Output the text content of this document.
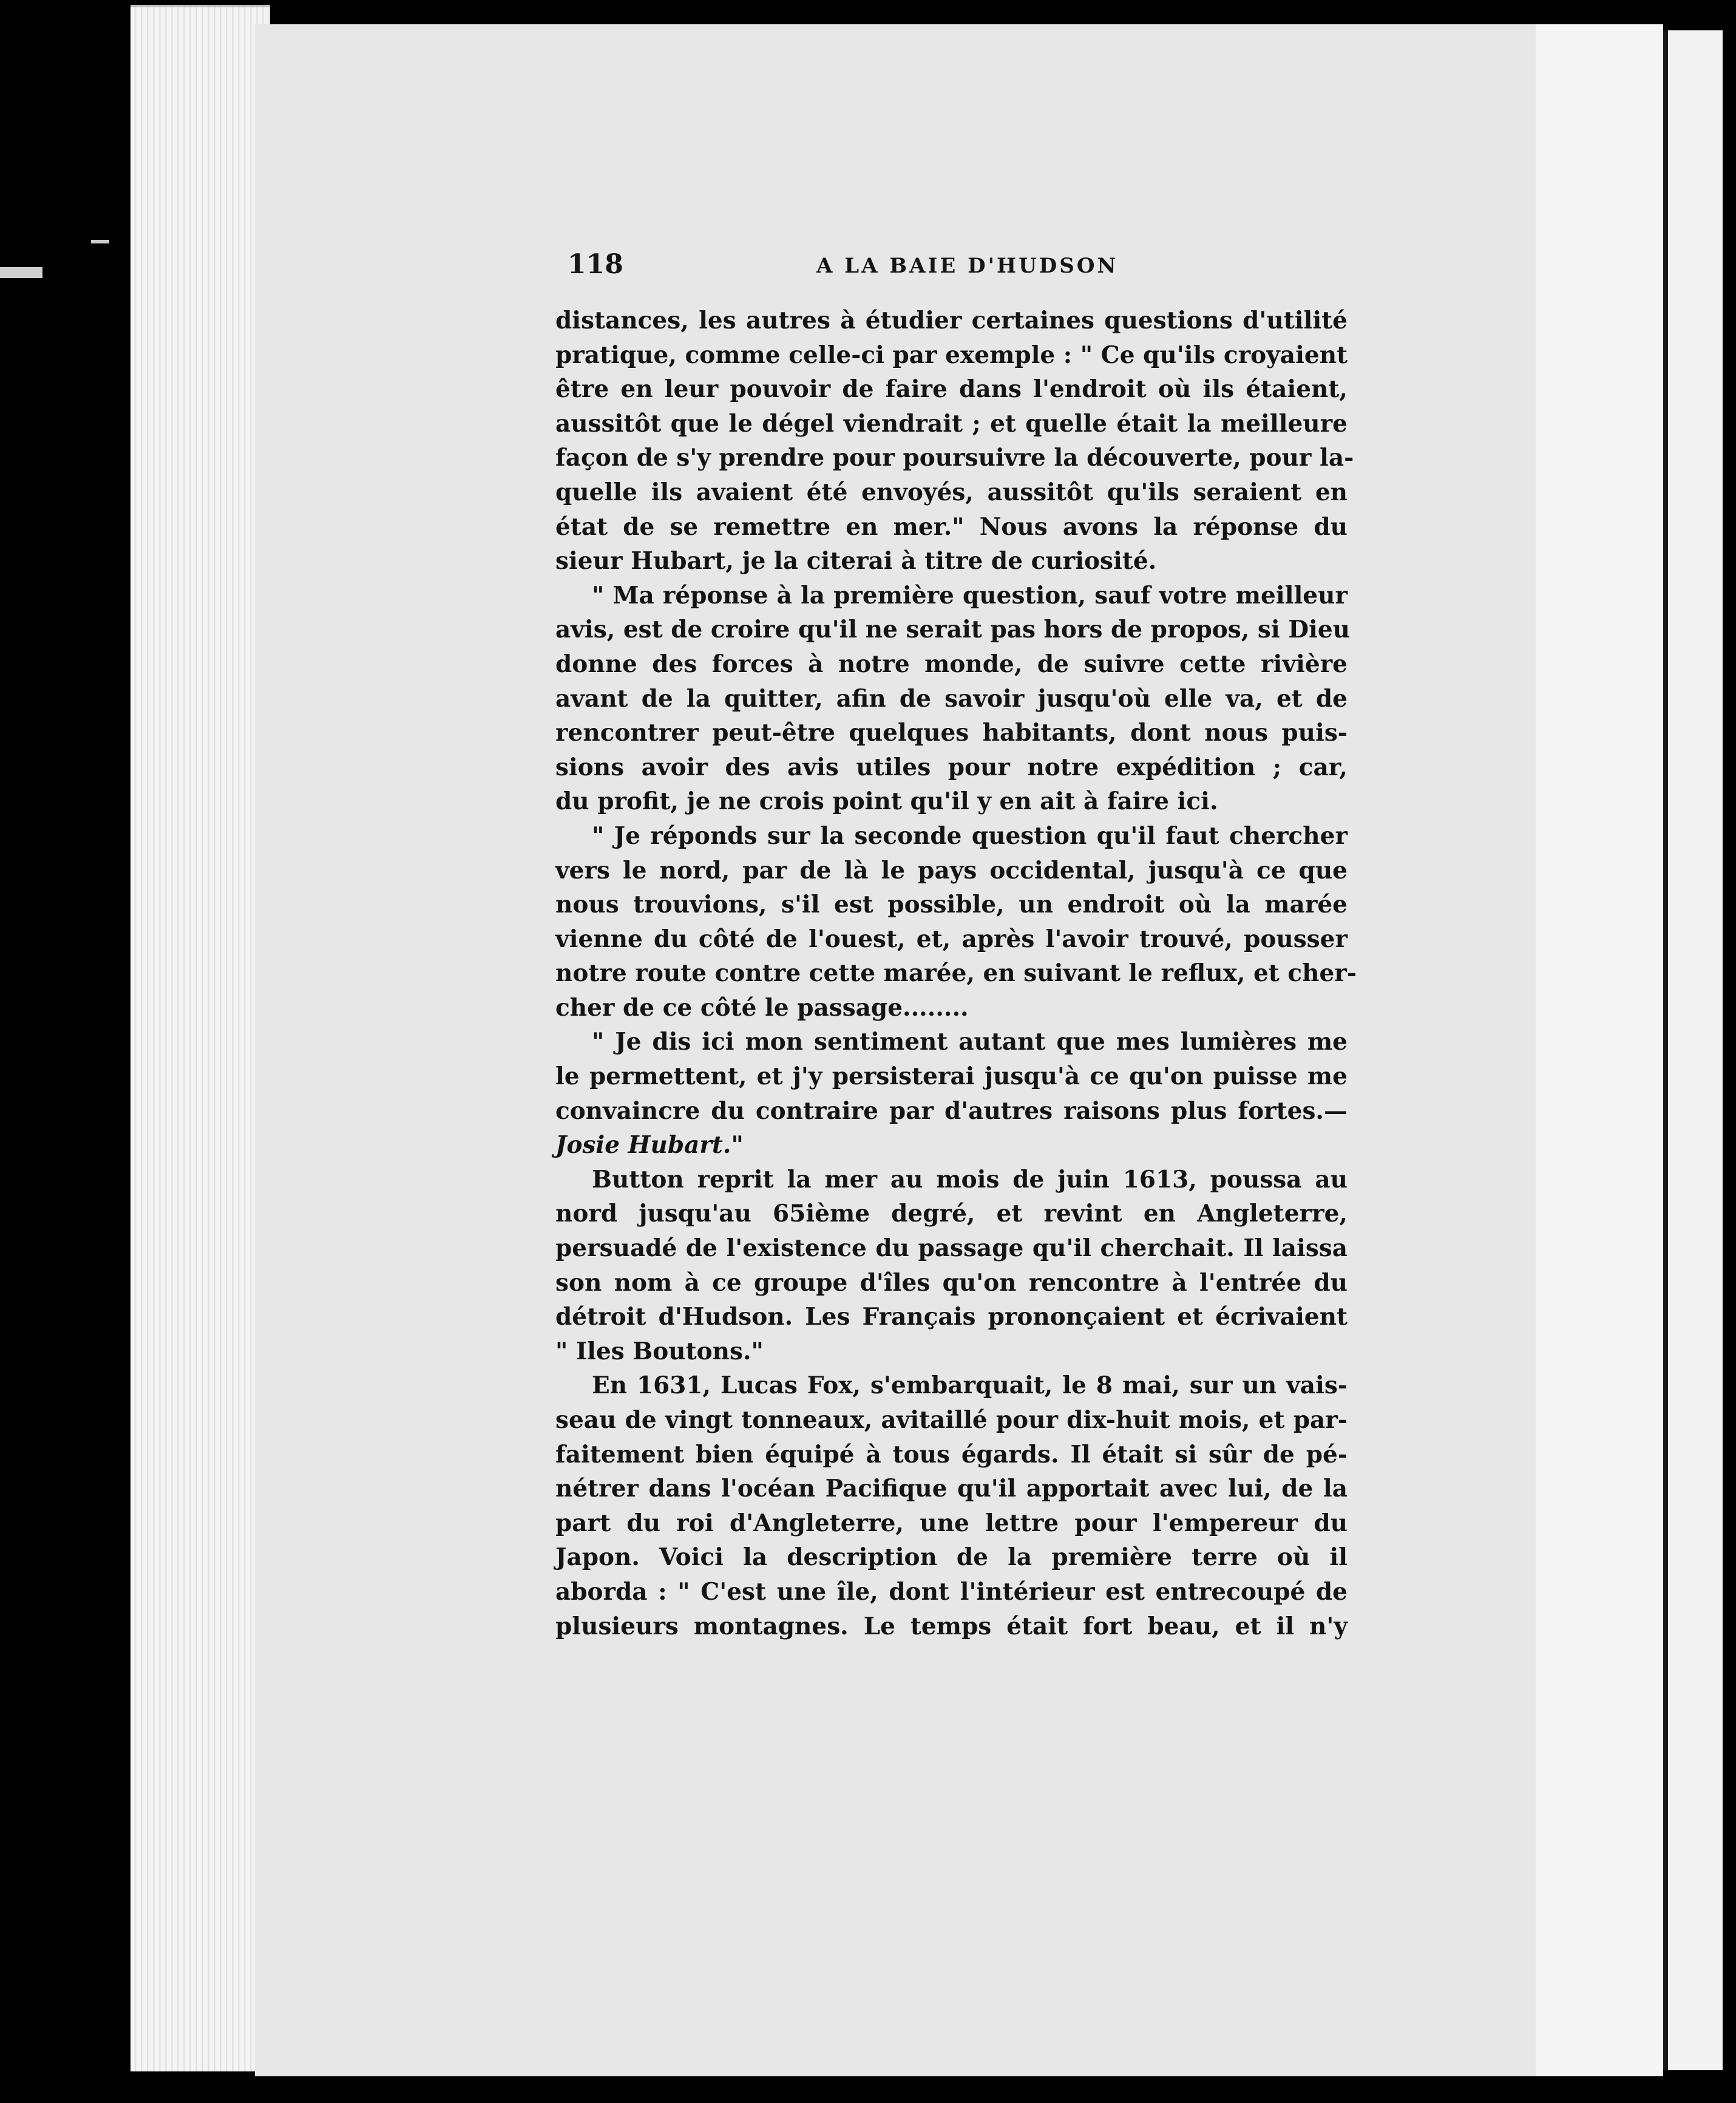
118	A LA BAIE D'HUDSON
distances, les autres à étudier certaines questions d'utilité
pratique, comme celle-ci par exemple : " Ce qu'ils croyaient
être en leur pouvoir de faire dans l'endroit où ils étaient,
aussitôt que le dégel viendrait ; et quelle était la meilleure
façon de s'y prendre pour poursuivre la découverte, pour la-
quelle ils avaient été envoyés, aussitôt qu'ils seraient en
état de se remettre en mer." Nous avons la réponse du
sieur Hubart, je la citerai à titre de curiosité.
" Ma réponse à la première question, sauf votre meilleur
avis, est de croire qu'il ne serait pas hors de propos, si Dieu
donne des forces à notre monde, de suivre cette rivière
avant de la quitter, afin de savoir jusqu'où elle va, et de
rencontrer peut-être quelques habitants, dont nous puis-
sions avoir des avis utiles pour notre expédition ; car,
du profit, je ne crois point qu'il y en ait à faire ici.
" Je réponds sur la seconde question qu'il faut chercher
vers le nord, par de là le pays occidental, jusqu'à ce que
nous trouvions, s'il est possible, un endroit où la marée
vienne du côté de l'ouest, et, après l'avoir trouvé, pousser
notre route contre cette marée, en suivant le reflux, et cher-
cher de ce côté le passage........
" Je dis ici mon sentiment autant que mes lumières me
le permettent, et j'y persisterai jusqu'à ce qu'on puisse me
convaincre du contraire par d'autres raisons plus fortes.—
Josie Hubart."
Button reprit la mer au mois de juin 1613, poussa au
nord jusqu'au 65ième degré, et revint en Angleterre,
persuadé de l'existence du passage qu'il cherchait. Il laissa
son nom à ce groupe d'îles qu'on rencontre à l'entrée du
détroit d'Hudson. Les Français prononçaient et écrivaient
" Iles Boutons."
En 1631, Lucas Fox, s'embarquait, le 8 mai, sur un vais-
seau de vingt tonneaux, avitaillé pour dix-huit mois, et par-
faitement bien équipé à tous égards. Il était si sûr de pé-
nétrer dans l'océan Pacifique qu'il apportait avec lui, de la
part du roi d'Angleterre, une lettre pour l'empereur du
Japon. Voici la description de la première terre où il
aborda : " C'est une île, dont l'intérieur est entrecoupé de
plusieurs montagnes. Le temps était fort beau, et il n'y
